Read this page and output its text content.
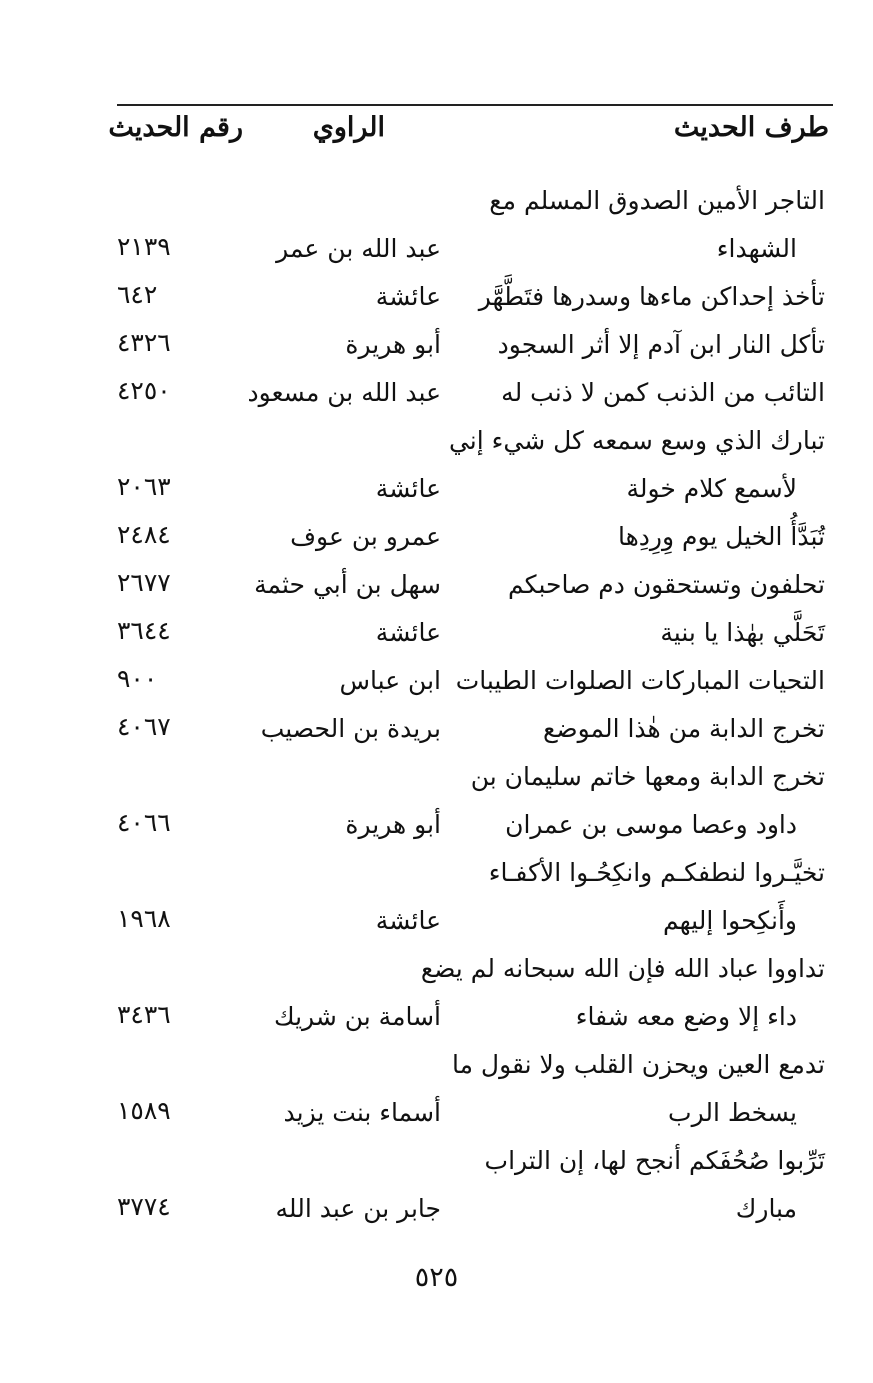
طرف الحديث
الراوي
رقم الحديث
التاجر الأمين الصدوق المسلم مع
الشهداء
عبد الله بن عمر
٢١٣٩
تأخذ إحداكن ماءها وسدرها فتَطَّهَّر
عائشة
٦٤٢
تأكل النار ابن آدم إلا أثر السجود
أبو هريرة
٤٣٢٦
التائب من الذنب كمن لا ذنب له
عبد الله بن مسعود
٤٢٥٠
تبارك الذي وسع سمعه كل شيء إني
لأسمع كلام خولة
عائشة
٢٠٦٣
تُبَدَّأُ الخيل يوم وِرِدِها
عمرو بن عوف
٢٤٨٤
تحلفون وتستحقون دم صاحبكم
سهل بن أبي حثمة
٢٦٧٧
تَحَلَّي بهٰذا يا بنية
عائشة
٣٦٤٤
التحيات المباركات الصلوات الطيبات
ابن عباس
٩٠٠
تخرج الدابة من هٰذا الموضع
بريدة بن الحصيب
٤٠٦٧
تخرج الدابة ومعها خاتم سليمان بن
داود وعصا موسى بن عمران
أبو هريرة
٤٠٦٦
تخيَّـروا لنطفكـم وانكِحُـوا الأكفـاء
وأَنكِحوا إليهم
عائشة
١٩٦٨
تداووا عباد الله فإن الله سبحانه لم يضع
داء إلا وضع معه شفاء
أسامة بن شريك
٣٤٣٦
تدمع العين ويحزن القلب ولا نقول ما
يسخط الرب
أسماء بنت يزيد
١٥٨٩
تَرِّبوا صُحُفَكم أنجح لها، إن التراب
مبارك
جابر بن عبد الله
٣٧٧٤
٥٢٥
